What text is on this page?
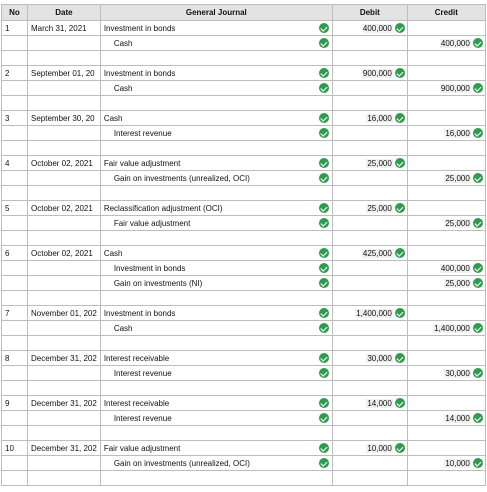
No	Date	General Journal	Debit	Credit
1	March 31, 2021	Investment in bonds	400,000	

		Cash		400,000

2	September 01, 20	Investment in bonds	900,000	

		Cash		900,000

3	September 30, 20	Cash	16,000	

		Interest revenue		16,000

4	October 02, 2021	Fair value adjustment	25,000	

		Gain on investments (unrealized, OCI)		25,000

5	October 02, 2021	Reclassification adjustment (OCI)	25,000	

		Fair value adjustment		25,000

6	October 02, 2021	Cash	425,000	

		Investment in bonds		400,000

		Gain on investments (NI)		25,000

7	November 01, 202	Investment in bonds	1,400,000	

		Cash		1,400,000

8	December 31, 202	Interest receivable	30,000	

		Interest revenue		30,000

9	December 31, 202	Interest receivable	14,000	

		Interest revenue		14,000

10	December 31, 202	Fair value adjustment	10,000	

		Gain on investments (unrealized, OCI)		10,000
